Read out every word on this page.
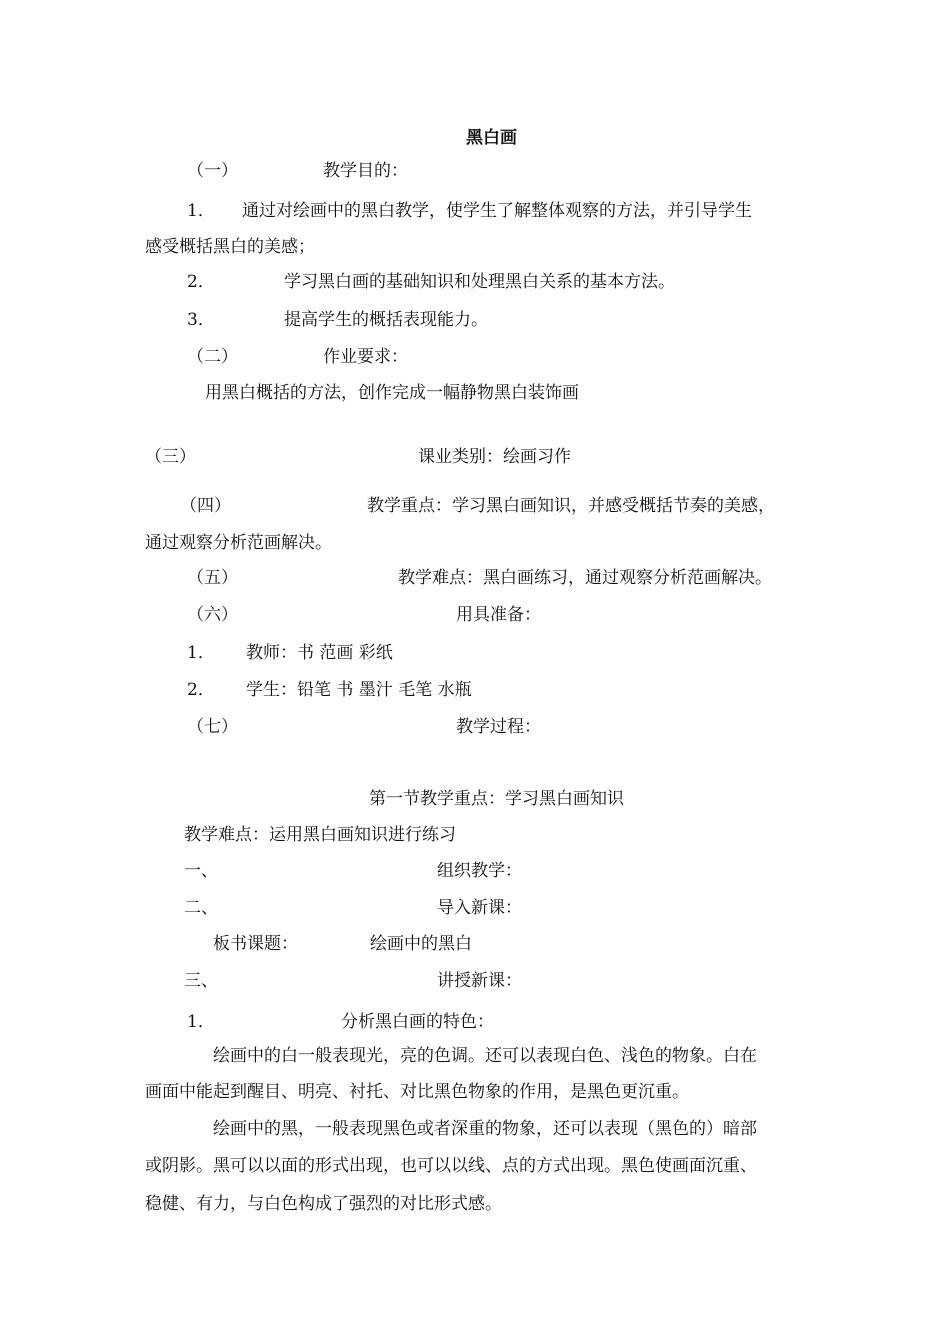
黑白画
（一）	教学目的：
1． 通过对绘画中的黑白教学，使学生了解整体观察的方法，并引导学生
感受概括黑白的美感；
2．	学习黑白画的基础知识和处理黑白关系的基本方法。
3．	提高学生的概括表现能力。
（二）	作业要求：
用黑白概括的方法，创作完成一幅静物黑白装饰画
（三）	课业类别：绘画习作
（四）	教学重点：学习黑白画知识，并感受概括节奏的美感，
通过观察分析范画解决。
（五）	教学难点：黑白画练习，通过观察分析范画解决。
（六）	用具准备：
1． 教师：书 范画 彩纸
2． 学生：铅笔 书 墨汁 毛笔 水瓶
（七）	教学过程：
第一节教学重点：学习黑白画知识
教学难点：运用黑白画知识进行练习
一、	组织教学：
二、	导入新课：
板书课题：	绘画中的黑白
三、	讲授新课：
1．	分析黑白画的特色：
绘画中的白一般表现光，亮的色调。还可以表现白色、浅色的物象。白在
画面中能起到醒目、明亮、衬托、对比黑色物象的作用，是黑色更沉重。
绘画中的黑，一般表现黑色或者深重的物象，还可以表现（黑色的）暗部
或阴影。黑可以以面的形式出现，也可以以线、点的方式出现。黑色使画面沉重、
稳健、有力，与白色构成了强烈的对比形式感。
